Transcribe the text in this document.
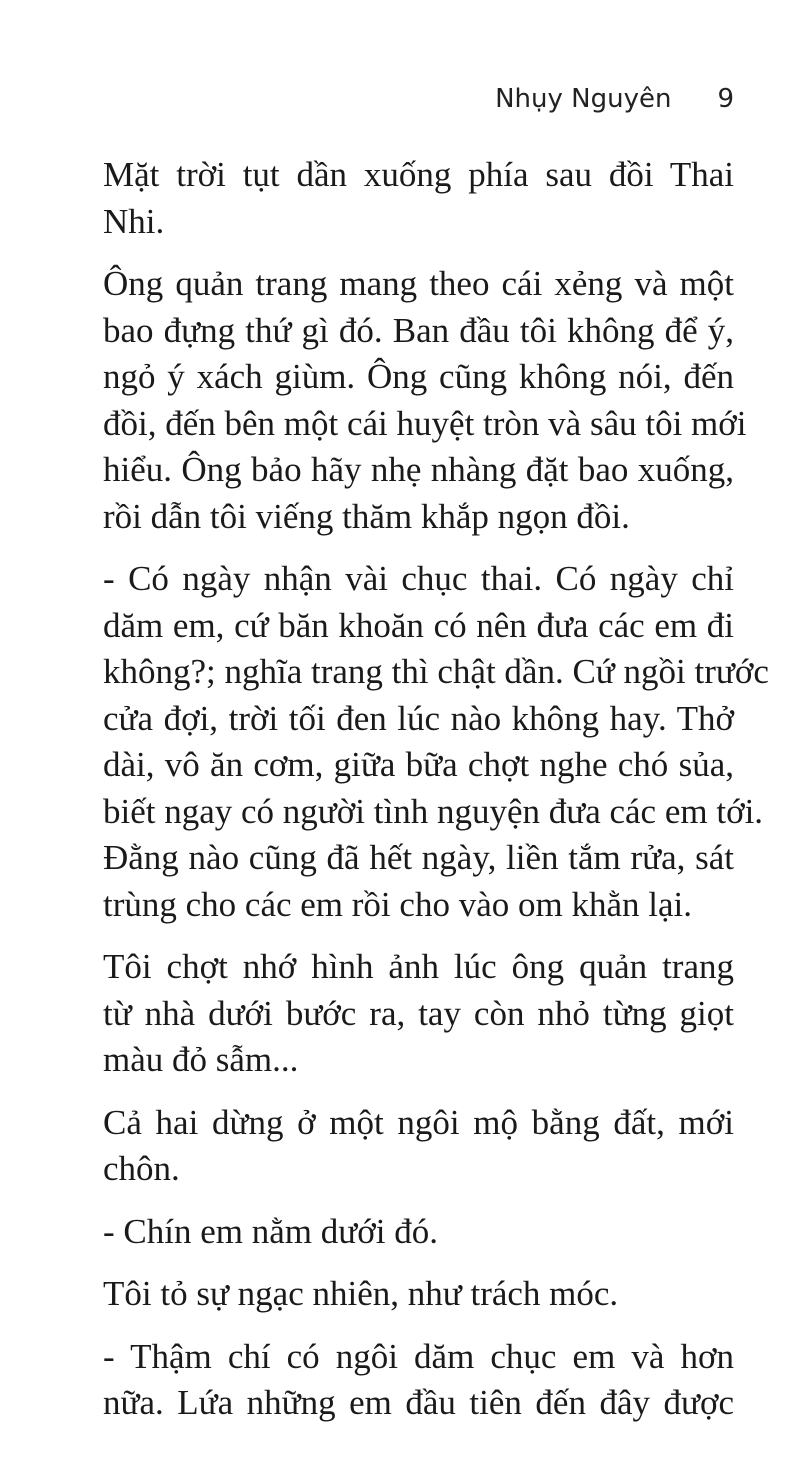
Nhụy Nguyên 9

Mặt trời tụt dần xuống phía sau đồi Thai
Nhi.

Ông quản trang mang theo cái xẻng và một
bao đựng thứ gì đó. Ban đầu tôi không để ý,
ngỏ ý xách giùm. Ông cũng không nói, đến
đồi, đến bên một cái huyệt tròn và sâu tôi mới
hiểu. Ông bảo hãy nhẹ nhàng đặt bao xuống,
rồi dẫn tôi viếng thăm khắp ngọn đồi.

- Có ngày nhận vài chục thai. Có ngày chỉ
dăm em, cứ băn khoăn có nên đưa các em đi
không?; nghĩa trang thì chật dần. Cứ ngồi trước
cửa đợi, trời tối đen lúc nào không hay. Thở
dài, vô ăn cơm, giữa bữa chợt nghe chó sủa,
biết ngay có người tình nguyện đưa các em tới.
Đằng nào cũng đã hết ngày, liền tắm rửa, sát
trùng cho các em rồi cho vào om khằn lại.

Tôi chợt nhớ hình ảnh lúc ông quản trang
từ nhà dưới bước ra, tay còn nhỏ từng giọt
màu đỏ sẫm...

Cả hai dừng ở một ngôi mộ bằng đất, mới
chôn.

- Chín em nằm dưới đó.

Tôi tỏ sự ngạc nhiên, như trách móc.

- Thậm chí có ngôi dăm chục em và hơn
nữa. Lứa những em đầu tiên đến đây được
